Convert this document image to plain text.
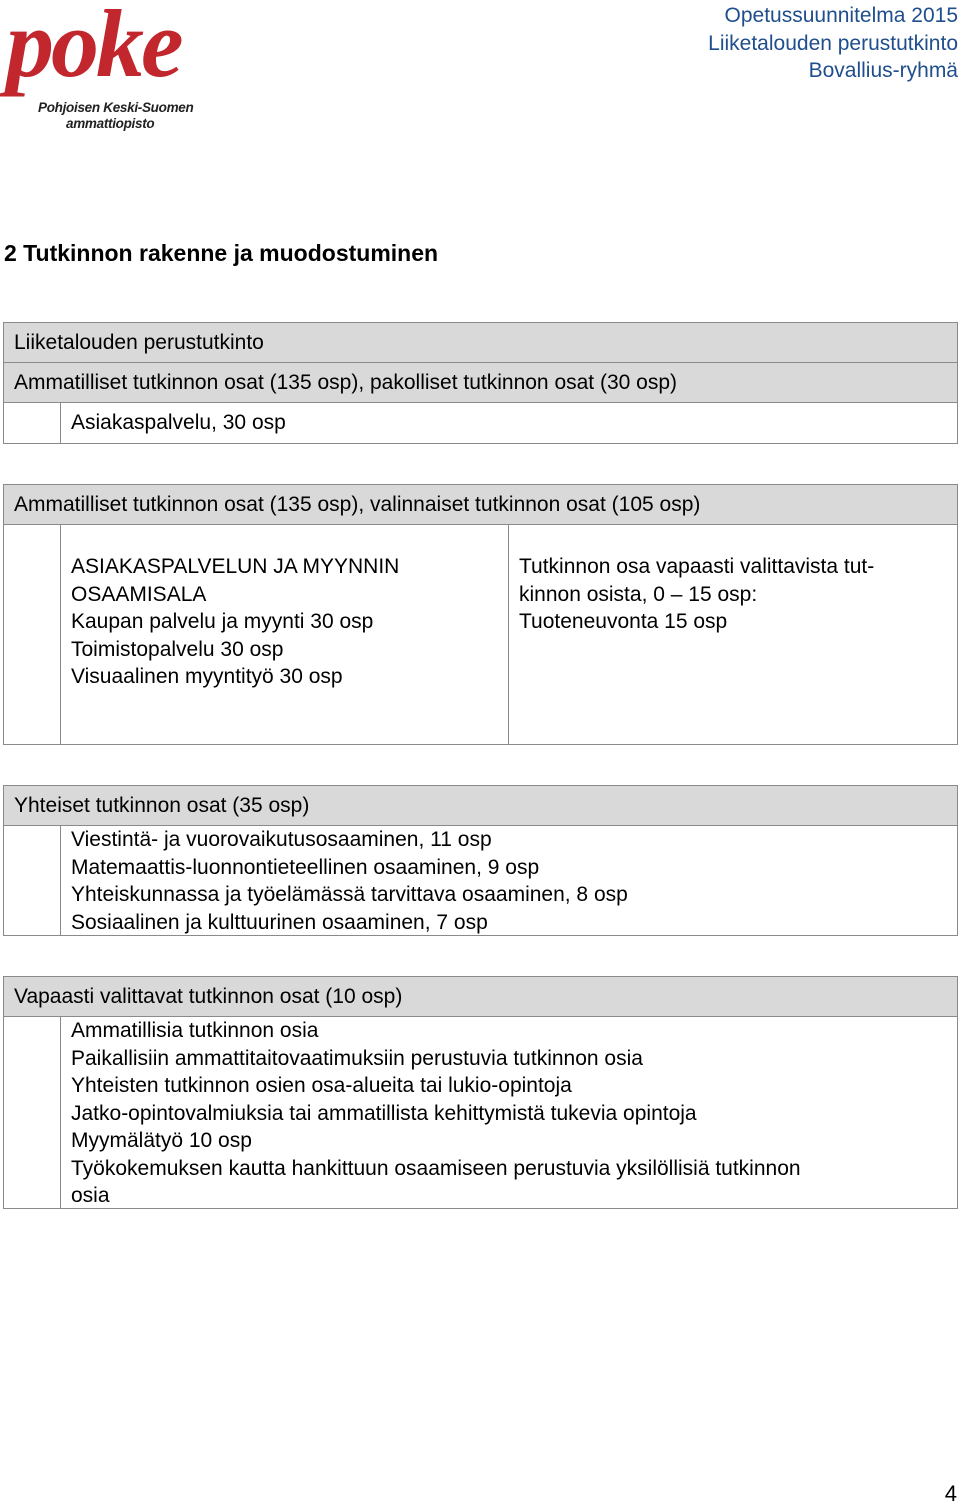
poke
Pohjoisen Keski-Suomen
ammattiopisto
Opetussuunnitelma 2015
Liiketalouden perustutkinto
Bovallius-ryhmä
2 Tutkinnon rakenne ja muodostuminen
Liiketalouden perustutkinto
Ammatilliset tutkinnon osat (135 osp), pakolliset tutkinnon osat (30 osp)
Asiakaspalvelu, 30 osp
Ammatilliset tutkinnon osat (135 osp), valinnaiset tutkinnon osat (105 osp)
ASIAKASPALVELUN JA MYYNNIN
OSAAMISALA
Kaupan palvelu ja myynti 30 osp
Toimistopalvelu 30 osp
Visuaalinen myyntityö 30 osp
Tutkinnon osa vapaasti valittavista tut-
kinnon osista, 0 – 15 osp:
Tuoteneuvonta 15 osp
Yhteiset tutkinnon osat (35 osp)
Viestintä- ja vuorovaikutusosaaminen, 11 osp
Matemaattis-luonnontieteellinen osaaminen, 9 osp
Yhteiskunnassa ja työelämässä tarvittava osaaminen, 8 osp
Sosiaalinen ja kulttuurinen osaaminen, 7 osp
Vapaasti valittavat tutkinnon osat (10 osp)
Ammatillisia tutkinnon osia
Paikallisiin ammattitaitovaatimuksiin perustuvia tutkinnon osia
Yhteisten tutkinnon osien osa-alueita tai lukio-opintoja
Jatko-opintovalmiuksia tai ammatillista kehittymistä tukevia opintoja
Myymälätyö 10 osp
Työkokemuksen kautta hankittuun osaamiseen perustuvia yksilöllisiä tutkinnon
osia
4
